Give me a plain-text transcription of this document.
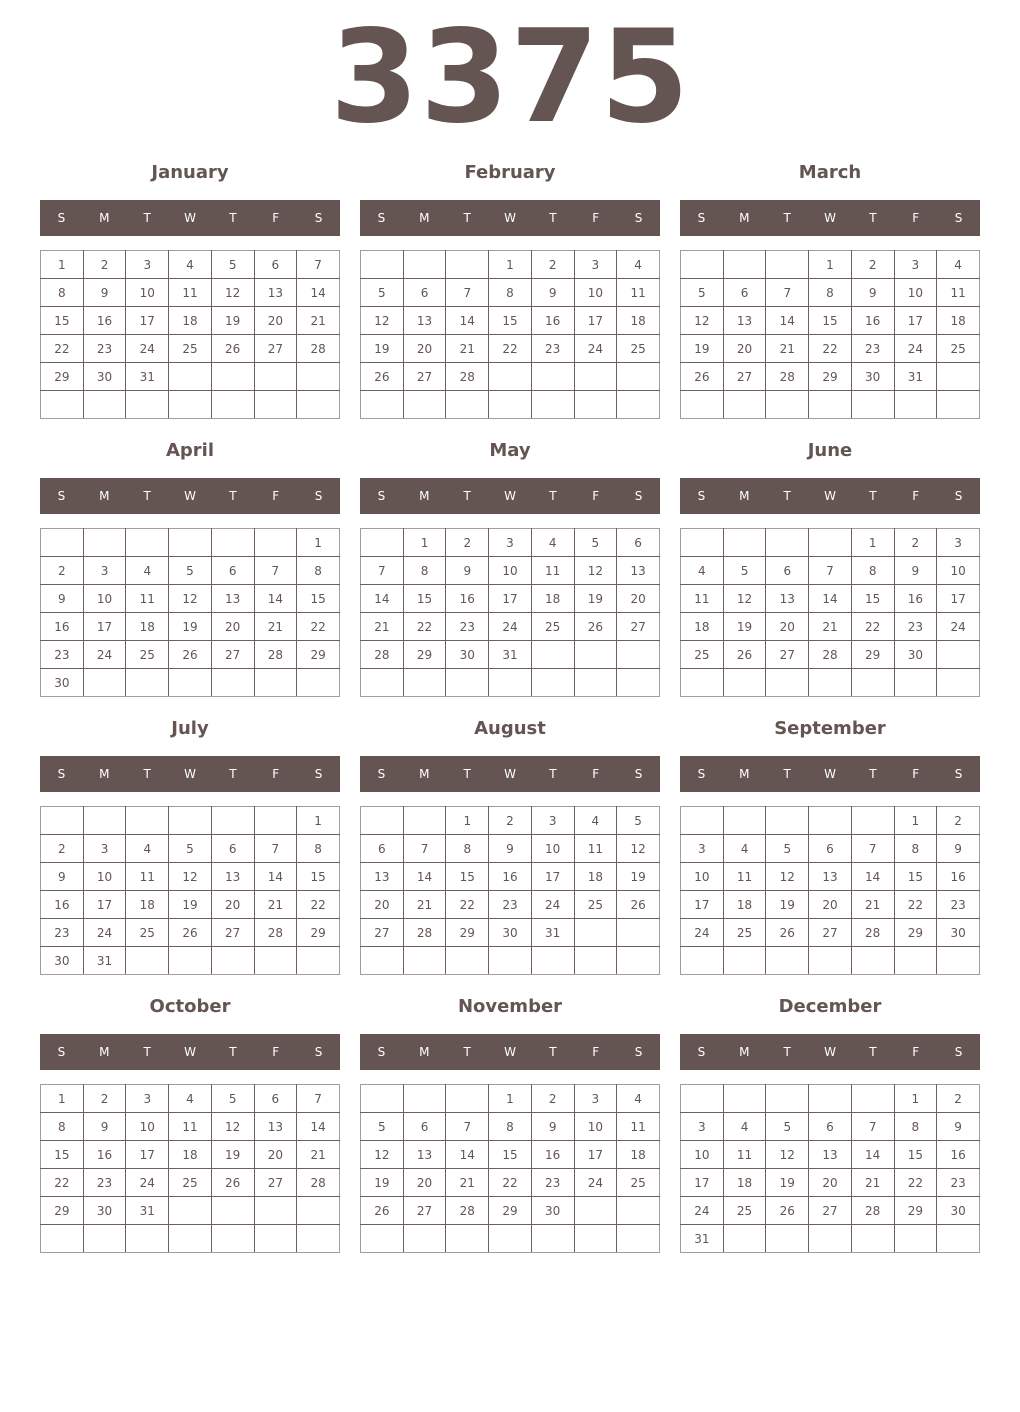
3375
January
S	M	T	W	T	F	S
1	2	3	4	5	6	7
8	9	10	11	12	13	14
15	16	17	18	19	20	21
22	23	24	25	26	27	28
29	30	31				

February
S	M	T	W	T	F	S
			1	2	3	4
5	6	7	8	9	10	11
12	13	14	15	16	17	18
19	20	21	22	23	24	25
26	27	28				

March
S	M	T	W	T	F	S
			1	2	3	4
5	6	7	8	9	10	11
12	13	14	15	16	17	18
19	20	21	22	23	24	25
26	27	28	29	30	31	

April
S	M	T	W	T	F	S
						1
2	3	4	5	6	7	8
9	10	11	12	13	14	15
16	17	18	19	20	21	22
23	24	25	26	27	28	29
30						
May
S	M	T	W	T	F	S
	1	2	3	4	5	6
7	8	9	10	11	12	13
14	15	16	17	18	19	20
21	22	23	24	25	26	27
28	29	30	31			

June
S	M	T	W	T	F	S
				1	2	3
4	5	6	7	8	9	10
11	12	13	14	15	16	17
18	19	20	21	22	23	24
25	26	27	28	29	30	

July
S	M	T	W	T	F	S
						1
2	3	4	5	6	7	8
9	10	11	12	13	14	15
16	17	18	19	20	21	22
23	24	25	26	27	28	29
30	31					
August
S	M	T	W	T	F	S
		1	2	3	4	5
6	7	8	9	10	11	12
13	14	15	16	17	18	19
20	21	22	23	24	25	26
27	28	29	30	31		

September
S	M	T	W	T	F	S
					1	2
3	4	5	6	7	8	9
10	11	12	13	14	15	16
17	18	19	20	21	22	23
24	25	26	27	28	29	30

October
S	M	T	W	T	F	S
1	2	3	4	5	6	7
8	9	10	11	12	13	14
15	16	17	18	19	20	21
22	23	24	25	26	27	28
29	30	31				

November
S	M	T	W	T	F	S
			1	2	3	4
5	6	7	8	9	10	11
12	13	14	15	16	17	18
19	20	21	22	23	24	25
26	27	28	29	30		

December
S	M	T	W	T	F	S
					1	2
3	4	5	6	7	8	9
10	11	12	13	14	15	16
17	18	19	20	21	22	23
24	25	26	27	28	29	30
31						
